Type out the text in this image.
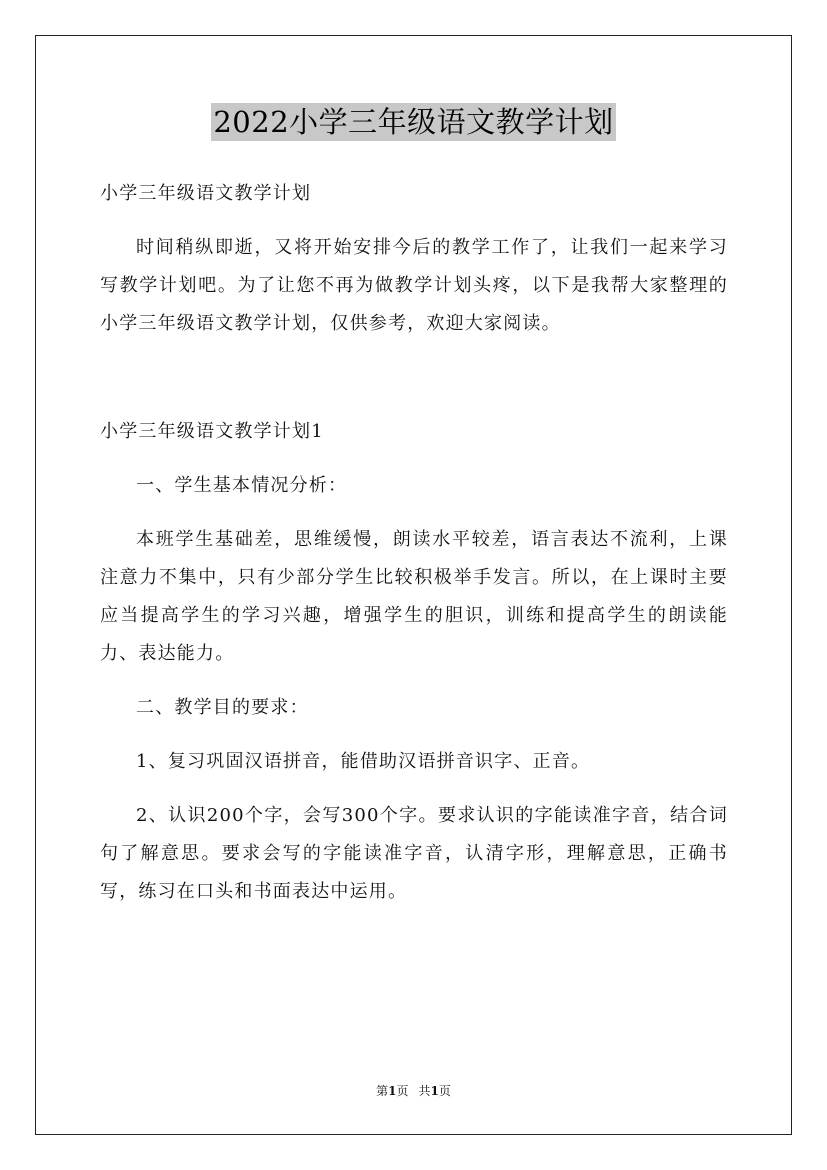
2022小学三年级语文教学计划

小学三年级语文教学计划

时间稍纵即逝，又将开始安排今后的教学工作了，让我们一起来学习写教学计划吧。为了让您不再为做教学计划头疼，以下是我帮大家整理的小学三年级语文教学计划，仅供参考，欢迎大家阅读。

小学三年级语文教学计划1

一、学生基本情况分析：

本班学生基础差，思维缓慢，朗读水平较差，语言表达不流利，上课注意力不集中，只有少部分学生比较积极举手发言。所以，在上课时主要应当提高学生的学习兴趣，增强学生的胆识，训练和提高学生的朗读能力、表达能力。

二、教学目的要求：

1、复习巩固汉语拼音，能借助汉语拼音识字、正音。

2、认识200个字，会写300个字。要求认识的字能读准字音，结合词句了解意思。要求会写的字能读准字音，认清字形，理解意思，正确书写，练习在口头和书面表达中运用。

第1页 共1页
